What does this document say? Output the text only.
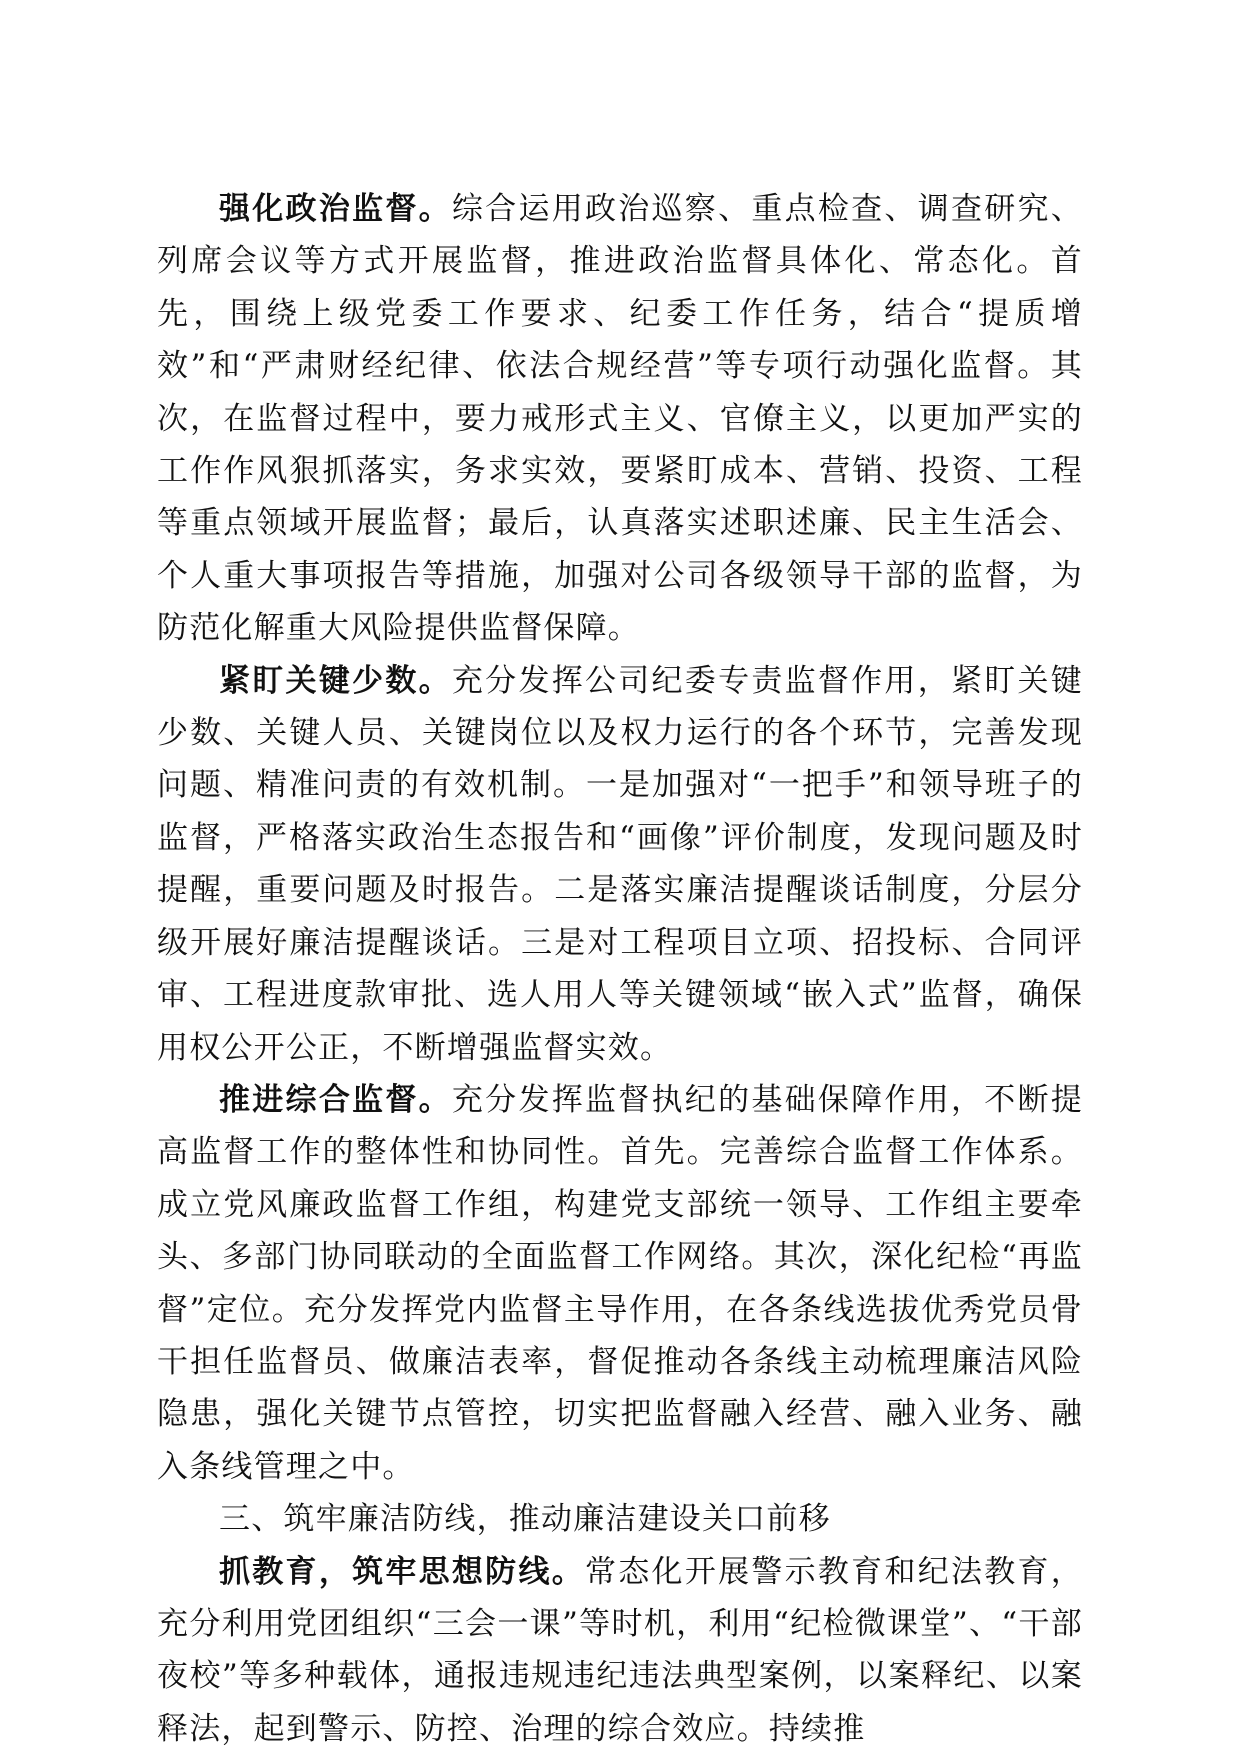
强化政治监督。综合运用政治巡察、重点检查、调查研究、列席会议等方式开展监督，推进政治监督具体化、常态化。首先，围绕上级党委工作要求、纪委工作任务，结合“提质增效”和“严肃财经纪律、依法合规经营”等专项行动强化监督。其次，在监督过程中，要力戒形式主义、官僚主义，以更加严实的工作作风狠抓落实，务求实效，要紧盯成本、营销、投资、工程等重点领域开展监督；最后，认真落实述职述廉、民主生活会、个人重大事项报告等措施，加强对公司各级领导干部的监督，为防范化解重大风险提供监督保障。

紧盯关键少数。充分发挥公司纪委专责监督作用，紧盯关键少数、关键人员、关键岗位以及权力运行的各个环节，完善发现问题、精准问责的有效机制。一是加强对“一把手”和领导班子的监督，严格落实政治生态报告和“画像”评价制度，发现问题及时提醒，重要问题及时报告。二是落实廉洁提醒谈话制度，分层分级开展好廉洁提醒谈话。三是对工程项目立项、招投标、合同评审、工程进度款审批、选人用人等关键领域“嵌入式”监督，确保用权公开公正，不断增强监督实效。

推进综合监督。充分发挥监督执纪的基础保障作用，不断提高监督工作的整体性和协同性。首先。完善综合监督工作体系。成立党风廉政监督工作组，构建党支部统一领导、工作组主要牵头、多部门协同联动的全面监督工作网络。其次，深化纪检“再监督”定位。充分发挥党内监督主导作用，在各条线选拔优秀党员骨干担任监督员、做廉洁表率，督促推动各条线主动梳理廉洁风险隐患，强化关键节点管控，切实把监督融入经营、融入业务、融入条线管理之中。

三、筑牢廉洁防线，推动廉洁建设关口前移

抓教育，筑牢思想防线。常态化开展警示教育和纪法教育，充分利用党团组织“三会一课”等时机，利用“纪检微课堂”、“干部夜校”等多种载体，通报违规违纪违法典型案例，以案释纪、以案释法，起到警示、防控、治理的综合效应。持续推
